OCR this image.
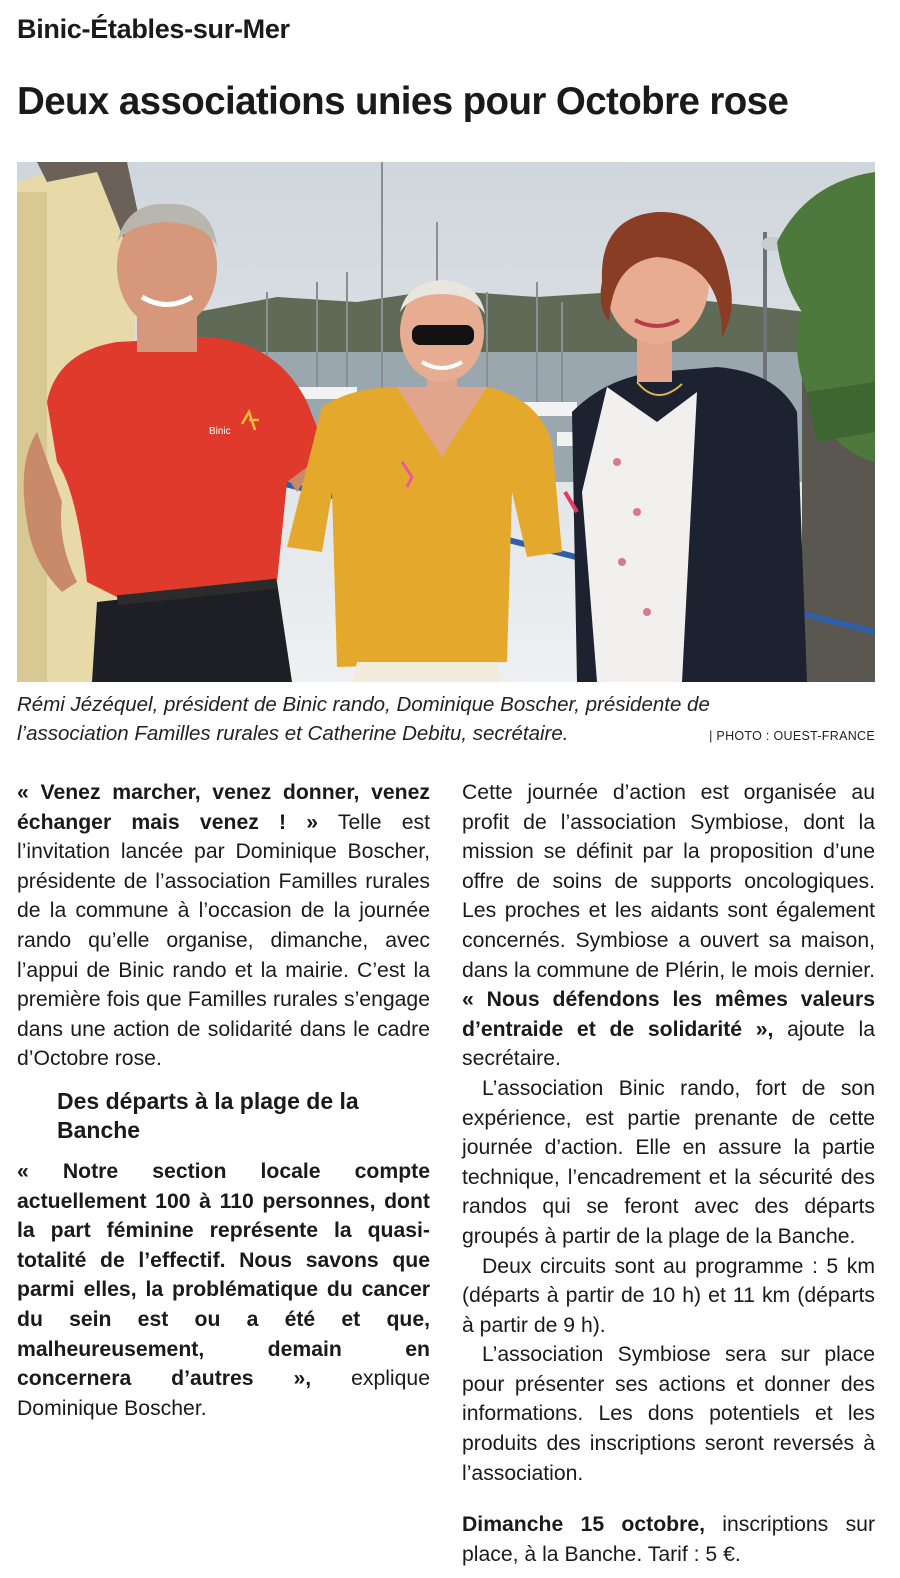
Binic-Étables-sur-Mer
Deux associations unies pour Octobre rose
Binic
Rémi Jézéquel, président de Binic rando, Dominique Boscher, présidente de l’association Familles rurales et Catherine Debitu, secrétaire.	| PHOTO : OUEST-FRANCE

« Venez marcher, venez donner, venez échanger mais venez ! » Telle est l’invitation lancée par Dominique Boscher, présidente de l’association Familles rurales de la commune à l’occasion de la journée rando qu’elle organise, dimanche, avec l’appui de Binic rando et la mairie. C’est la première fois que Familles rurales s’engage dans une action de solidarité dans le cadre d’Octobre rose.

Des départs à la plage de la Banche

« Notre section locale compte actuellement 100 à 110 personnes, dont la part féminine représente la quasi-totalité de l’effectif. Nous savons que parmi elles, la problématique du cancer du sein est ou a été et que, malheureusement, demain en concernera d’autres », explique Dominique Boscher.

Cette journée d’action est organisée au profit de l’association Symbiose, dont la mission se définit par la proposition d’une offre de soins de supports oncologiques. Les proches et les aidants sont également concernés. Symbiose a ouvert sa maison, dans la commune de Plérin, le mois dernier. « Nous défendons les mêmes valeurs d’entraide et de solidarité », ajoute la secrétaire.

L’association Binic rando, fort de son expérience, est partie prenante de cette journée d’action. Elle en assure la partie technique, l’encadrement et la sécurité des randos qui se feront avec des départs groupés à partir de la plage de la Banche.

Deux circuits sont au programme : 5 km (départs à partir de 10 h) et 11 km (départs à partir de 9 h).

L’association Symbiose sera sur place pour présenter ses actions et donner des informations. Les dons potentiels et les produits des inscriptions seront reversés à l’association.

Dimanche 15 octobre, inscriptions sur place, à la Banche. Tarif : 5 €.
